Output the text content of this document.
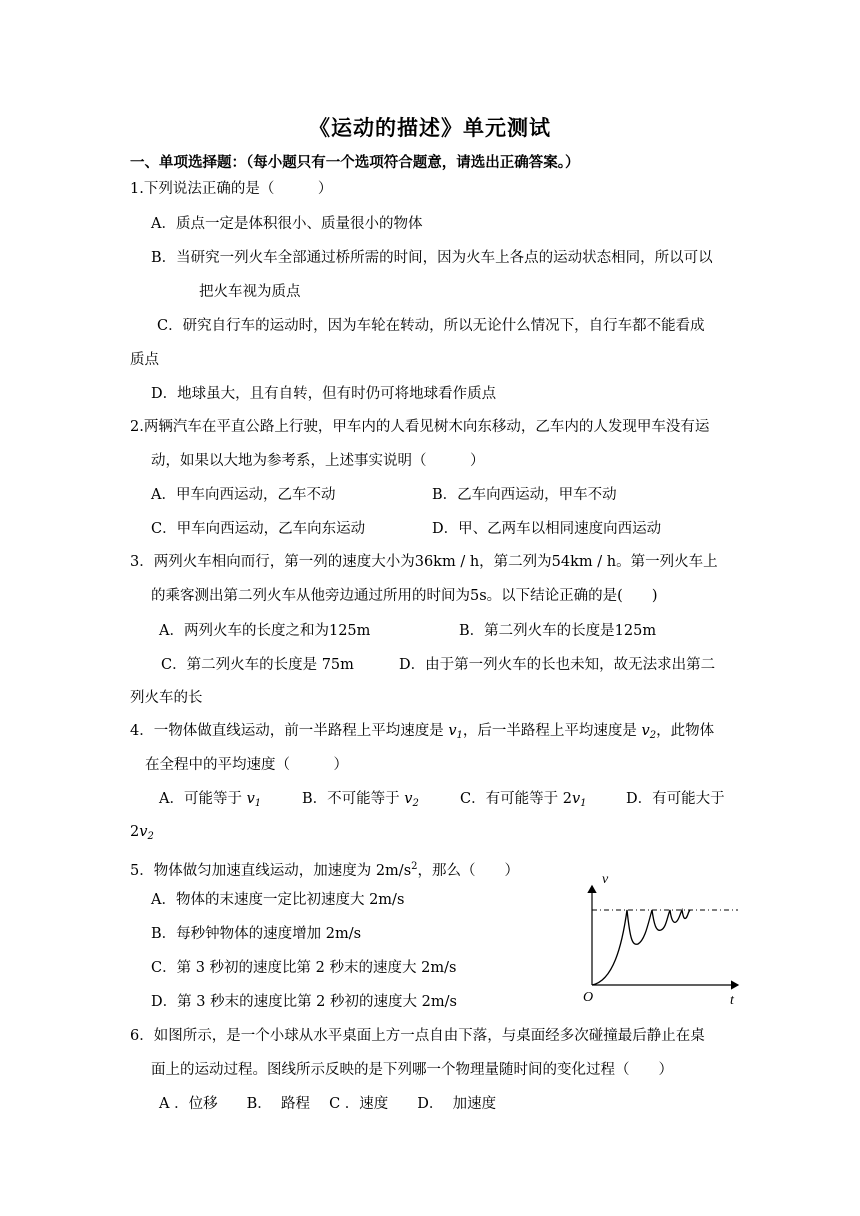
《运动的描述》单元测试
一、单项选择题：（每小题只有一个选项符合题意，请选出正确答案。）
1.下列说法正确的是（　　　）
A．质点一定是体积很小、质量很小的物体
B．当研究一列火车全部通过桥所需的时间，因为火车上各点的运动状态相同，所以可以
把火车视为质点
C．研究自行车的运动时，因为车轮在转动，所以无论什么情况下，自行车都不能看成
质点
D．地球虽大，且有自转，但有时仍可将地球看作质点
2.两辆汽车在平直公路上行驶，甲车内的人看见树木向东移动，乙车内的人发现甲车没有运
动，如果以大地为参考系，上述事实说明（　　　）
A．甲车向西运动，乙车不动	B．乙车向西运动，甲车不动
C．甲车向西运动，乙车向东运动	D．甲、乙两车以相同速度向西运动
3．两列火车相向而行，第一列的速度大小为36km / h，第二列为54km / h。第一列火车上
的乘客测出第二列火车从他旁边通过所用的时间为5s。以下结论正确的是(　　)
A．两列火车的长度之和为125m	B．第二列火车的长度是125m
C．第二列火车的长度是 75m	D．由于第一列火车的长也未知，故无法求出第二
列火车的长
4．一物体做直线运动，前一半路程上平均速度是 $v_1$，后一半路程上平均速度是 $v_2$，此物体
在全程中的平均速度（　　　）
A．可能等于 $v_1$	B．不可能等于 $v_2$	C．有可能等于 $2v_1$	D．有可能大于
$2v_2$
5．物体做匀加速直线运动，加速度为 $2m/s^2$，那么（　　）
A．物体的末速度一定比初速度大 2m/s
B．每秒钟物体的速度增加 2m/s
C．第 3 秒初的速度比第 2 秒末的速度大 2m/s
D．第 3 秒末的速度比第 2 秒初的速度大 2m/s
v
t
O
6．如图所示，是一个小球从水平桌面上方一点自由下落，与桌面经多次碰撞最后静止在桌
面上的运动过程。图线所示反映的是下列哪一个物理量随时间的变化过程（　　）
A ．位移　　B．  路程　 C ．速度　　D．  加速度
